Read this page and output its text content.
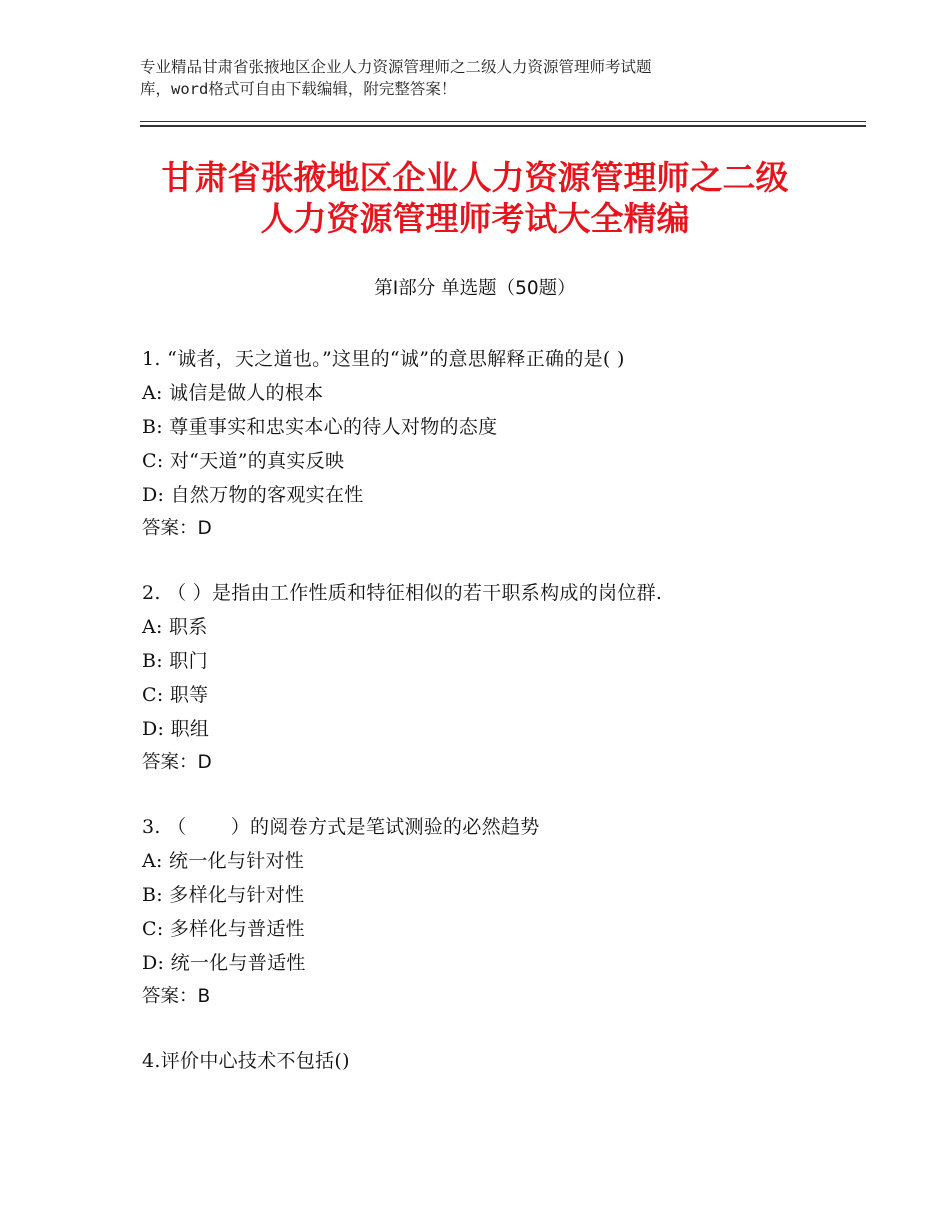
专业精品甘肃省张掖地区企业人力资源管理师之二级人力资源管理师考试题
库，word格式可自由下载编辑，附完整答案！
甘肃省张掖地区企业人力资源管理师之二级
人力资源管理师考试大全精编
第Ⅰ部分 单选题（50题）
1. “诚者，天之道也。”这里的“诚”的意思解释正确的是( )
A: 诚信是做人的根本
B: 尊重事实和忠实本心的待人对物的态度
C: 对“天道”的真实反映
D: 自然万物的客观实在性
答案：D
2. （ ）是指由工作性质和特征相似的若干职系构成的岗位群.
A: 职系
B: 职门
C: 职等
D: 职组
答案：D
3. （       ）的阅卷方式是笔试测验的必然趋势
A: 统一化与针对性
B: 多样化与针对性
C: 多样化与普适性
D: 统一化与普适性
答案：B
4.评价中心技术不包括()
